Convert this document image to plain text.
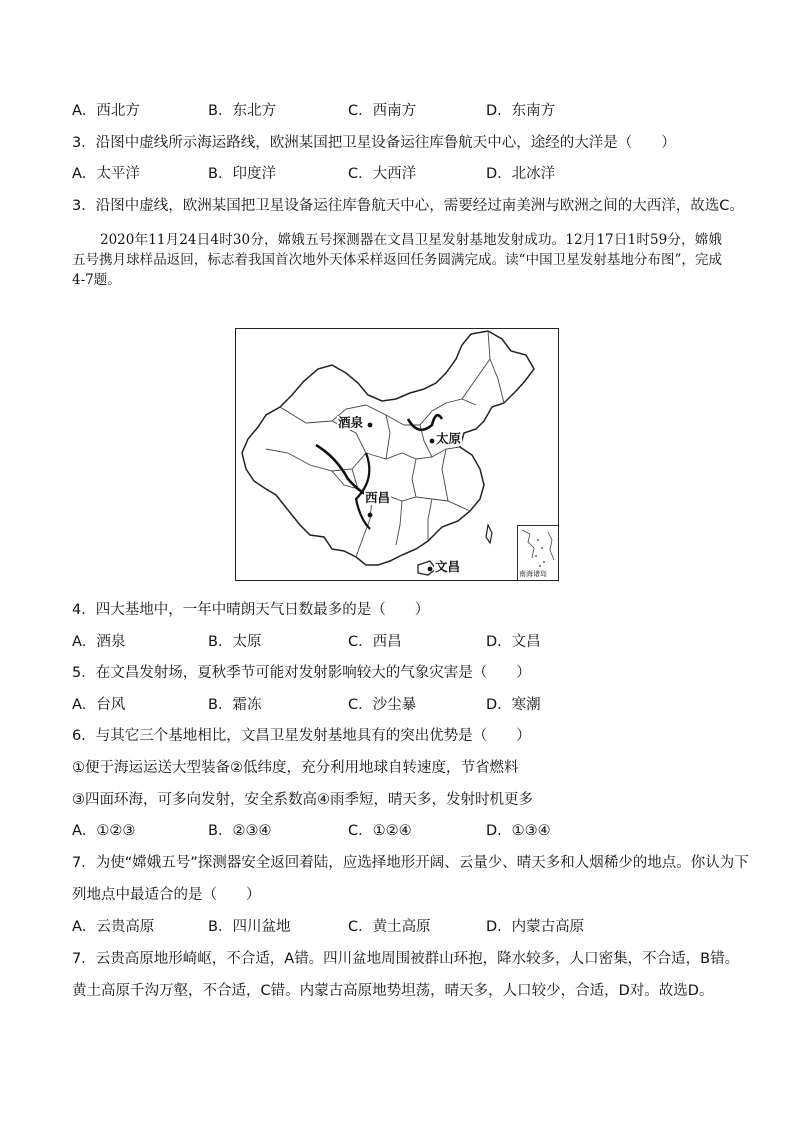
A．西北方	B．东北方	C．西南方	D．东南方
3．沿图中虚线所示海运路线，欧洲某国把卫星设备运往库鲁航天中心，途经的大洋是（　　）
A．太平洋	B．印度洋	C．大西洋	D．北冰洋
3．沿图中虚线，欧洲某国把卫星设备运往库鲁航天中心，需要经过南美洲与欧洲之间的大西洋，故选C。

2020年11月24日4时30分，嫦娥五号探测器在文昌卫星发射基地发射成功。12月17日1时59分，嫦娥五号携月球样品返回，标志着我国首次地外天体采样返回任务圆满完成。读“中国卫星发射基地分布图”，完成4-7题。

酒泉
太原
西昌
文昌	南海诸岛
4．四大基地中，一年中晴朗天气日数最多的是（　　）
A．酒泉	B．太原	C．西昌	D．文昌
5．在文昌发射场，夏秋季节可能对发射影响较大的气象灾害是（　　）
A．台风	B．霜冻	C．沙尘暴	D．寒潮
6．与其它三个基地相比，文昌卫星发射基地具有的突出优势是（　　）
①便于海运运送大型装备②低纬度，充分利用地球自转速度，节省燃料
③四面环海，可多向发射，安全系数高④雨季短，晴天多，发射时机更多
A．①②③	B．②③④	C．①②④	D．①③④
7．为使“嫦娥五号”探测器安全返回着陆，应选择地形开阔、云量少、晴天多和人烟稀少的地点。你认为下
列地点中最适合的是（　　）
A．云贵高原	B．四川盆地	C．黄土高原	D．内蒙古高原
7．云贵高原地形崎岖，不合适，A错。四川盆地周围被群山环抱，降水较多，人口密集，不合适，B错。
黄土高原千沟万壑，不合适，C错。内蒙古高原地势坦荡，晴天多，人口较少，合适，D对。故选D。
